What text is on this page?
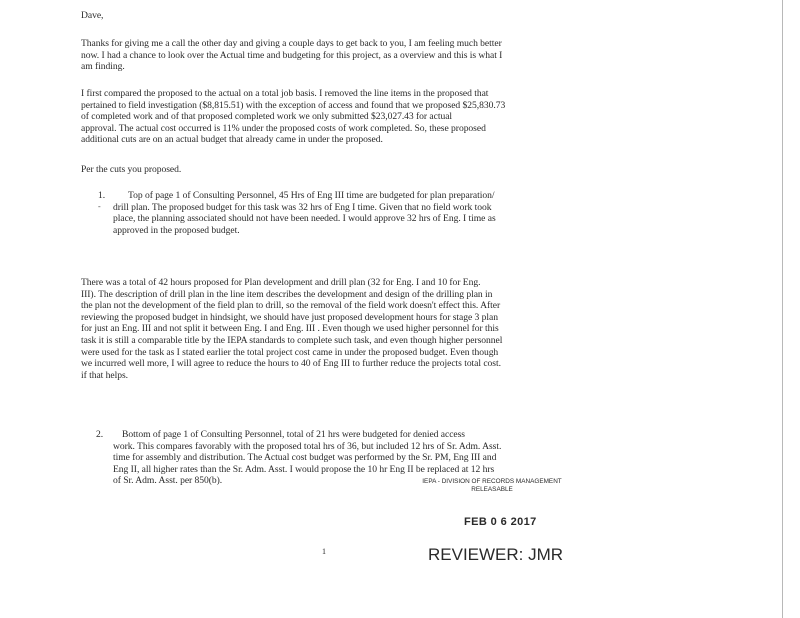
Dave,
Thanks for giving me a call the other day and giving a couple days to get back to you, I am feeling much better
now. I had a chance to look over the Actual time and budgeting for this project, as a overview and this is what I
am finding.
I first compared the proposed to the actual on a total job basis. I removed the line items in the proposed that
pertained to field investigation ($8,815.51) with the exception of access and found that we proposed $25,830.73
of completed work and of that proposed completed work we only submitted $23,027.43 for actual
approval. The actual cost occurred is 11% under the proposed costs of work completed. So, these proposed
additional cuts are on an actual budget that already came in under the proposed.
Per the cuts you proposed.
1.
-
Top of page 1 of Consulting Personnel, 45 Hrs of Eng III time are budgeted for plan preparation/
drill plan. The proposed budget for this task was 32 hrs of Eng I time. Given that no field work took
place, the planning associated should not have been needed. I would approve 32 hrs of Eng. I time as
approved in the proposed budget.
There was a total of 42 hours proposed for Plan development and drill plan (32 for Eng. I and 10 for Eng.
III). The description of drill plan in the line item describes the development and design of the drilling plan in
the plan not the development of the field plan to drill, so the removal of the field work doesn't effect this. After
reviewing the proposed budget in hindsight, we should have just proposed development hours for stage 3 plan
for just an Eng. III and not split it between Eng. I and Eng. III . Even though we used higher personnel for this
task it is still a comparable title by the IEPA standards to complete such task, and even though higher personnel
were used for the task as I stated earlier the total project cost came in under the proposed budget. Even though
we incurred well more, I will agree to reduce the hours to 40 of Eng III to further reduce the projects total cost.
if that helps.
2.	Bottom of page 1 of Consulting Personnel, total of 21 hrs were budgeted for denied access
work. This compares favorably with the proposed total hrs of 36, but included 12 hrs of Sr. Adm. Asst.
time for assembly and distribution. The Actual cost budget was performed by the Sr. PM, Eng III and
Eng II, all higher rates than the Sr. Adm. Asst. I would propose the 10 hr Eng II be replaced at 12 hrs
of Sr. Adm. Asst. per 850(b).	IEPA - DIVISION OF RECORDS MANAGEMENT
RELEASABLE
FEB 0 6 2017
1	REVIEWER: JMR
